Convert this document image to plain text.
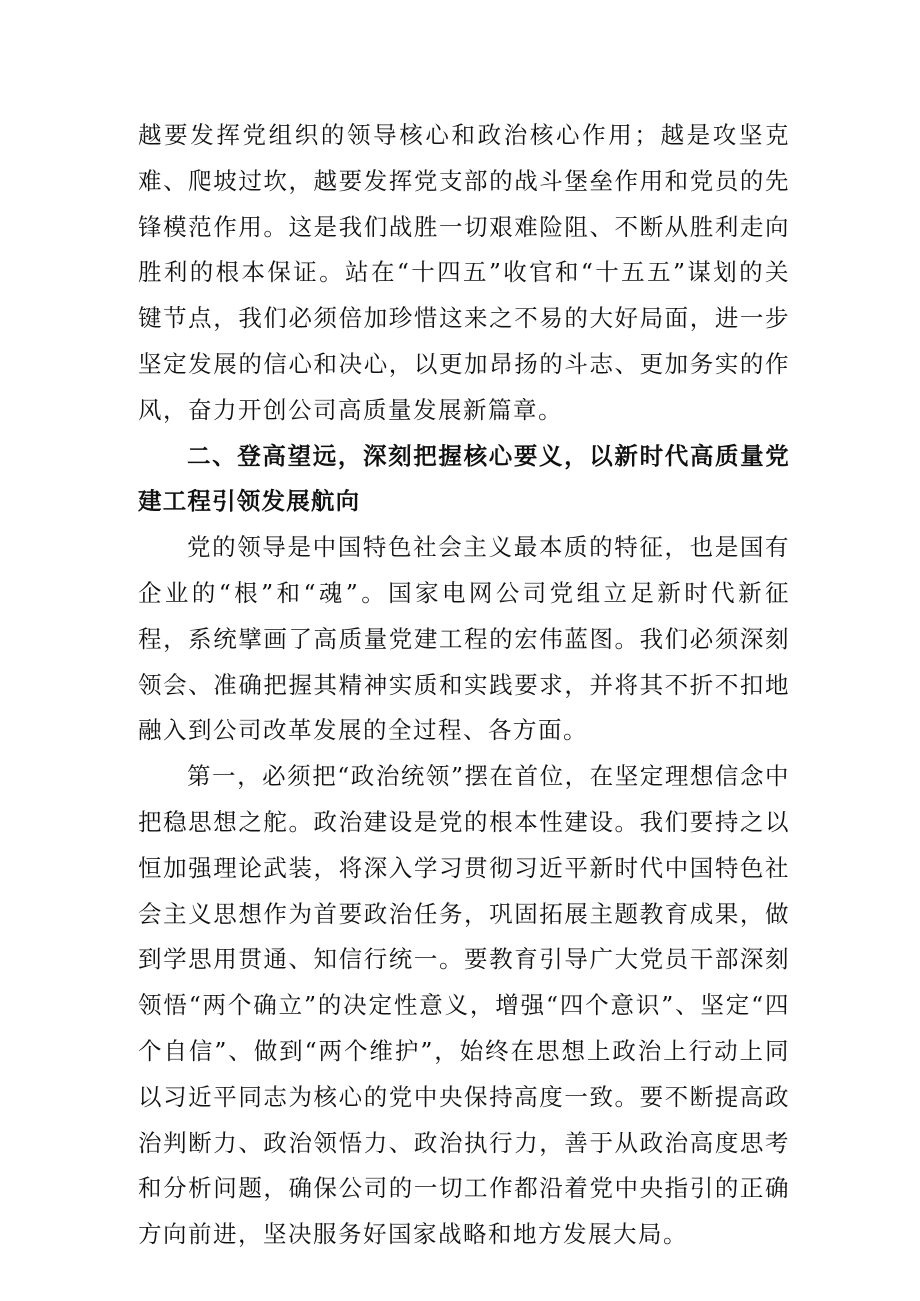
越要发挥党组织的领导核心和政治核心作用；越是攻坚克难、爬坡过坎，越要发挥党支部的战斗堡垒作用和党员的先锋模范作用。这是我们战胜一切艰难险阻、不断从胜利走向胜利的根本保证。站在“十四五”收官和“十五五”谋划的关键节点，我们必须倍加珍惜这来之不易的大好局面，进一步坚定发展的信心和决心，以更加昂扬的斗志、更加务实的作风，奋力开创公司高质量发展新篇章。

二、登高望远，深刻把握核心要义，以新时代高质量党建工程引领发展航向

党的领导是中国特色社会主义最本质的特征，也是国有企业的“根”和“魂”。国家电网公司党组立足新时代新征程，系统擘画了高质量党建工程的宏伟蓝图。我们必须深刻领会、准确把握其精神实质和实践要求，并将其不折不扣地融入到公司改革发展的全过程、各方面。

第一，必须把“政治统领”摆在首位，在坚定理想信念中把稳思想之舵。政治建设是党的根本性建设。我们要持之以恒加强理论武装，将深入学习贯彻习近平新时代中国特色社会主义思想作为首要政治任务，巩固拓展主题教育成果，做到学思用贯通、知信行统一。要教育引导广大党员干部深刻领悟“两个确立”的决定性意义，增强“四个意识”、坚定“四个自信”、做到“两个维护”，始终在思想上政治上行动上同以习近平同志为核心的党中央保持高度一致。要不断提高政治判断力、政治领悟力、政治执行力，善于从政治高度思考和分析问题，确保公司的一切工作都沿着党中央指引的正确方向前进，坚决服务好国家战略和地方发展大局。
